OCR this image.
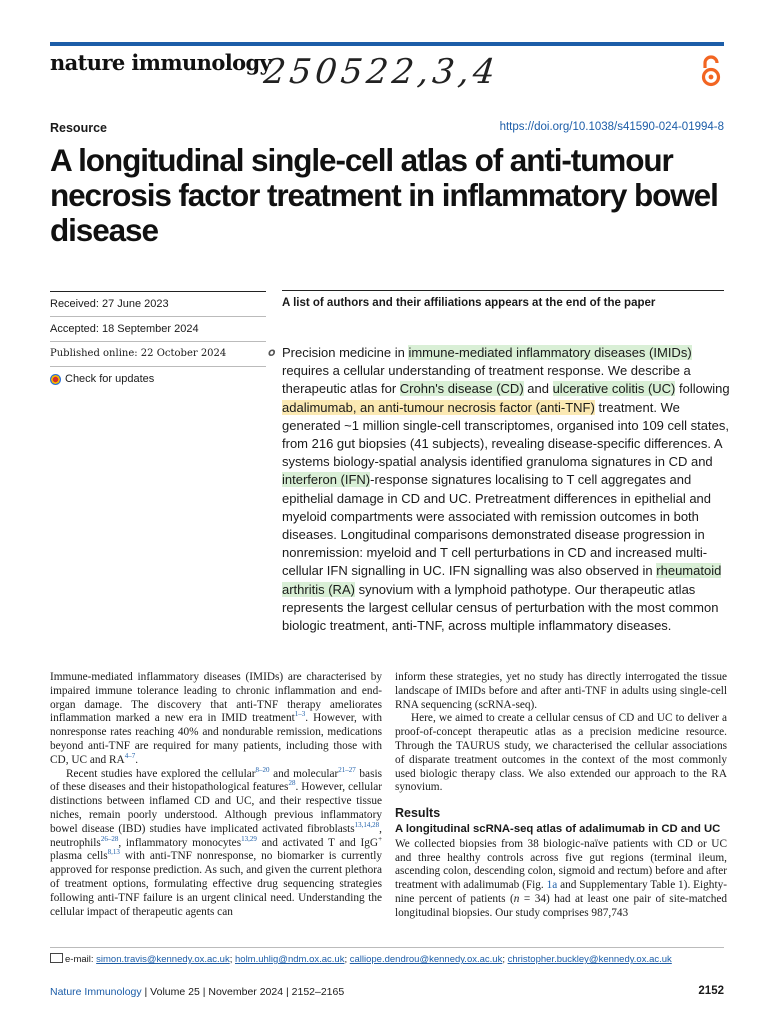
nature immunology
250522,3,4
Resource	https://doi.org/10.1038/s41590-024-01994-8
A longitudinal single-cell atlas of anti-tumour necrosis factor treatment in inflammatory bowel disease
Received: 27 June 2023
Accepted: 18 September 2024
Published online: 22 October 2024
Check for updates
A list of authors and their affiliations appears at the end of the paper
𝒐 Precision medicine in immune-mediated inflammatory diseases (IMIDs) requires a cellular understanding of treatment response. We describe a therapeutic atlas for Crohn's disease (CD) and ulcerative colitis (UC) following adalimumab, an anti-tumour necrosis factor (anti-TNF) treatment. We generated ~1 million single-cell transcriptomes, organised into 109 cell states, from 216 gut biopsies (41 subjects), revealing disease-specific differences. A systems biology-spatial analysis identified granuloma signatures in CD and interferon (IFN)-response signatures localising to T cell aggregates and epithelial damage in CD and UC. Pretreatment differences in epithelial and myeloid compartments were associated with remission outcomes in both diseases. Longitudinal comparisons demonstrated disease progression in nonremission: myeloid and T cell perturbations in CD and increased multi-cellular IFN signalling in UC. IFN signalling was also observed in rheumatoid arthritis (RA) synovium with a lymphoid pathotype. Our therapeutic atlas represents the largest cellular census of perturbation with the most common biologic treatment, anti-TNF, across multiple inflammatory diseases.

Immune-mediated inflammatory diseases (IMIDs) are characterised by impaired immune tolerance leading to chronic inflammation and end-organ damage. The discovery that anti-TNF therapy ameliorates inflammation marked a new era in IMID treatment$^{1-3}$. However, with nonresponse rates reaching 40% and nondurable remission, medications beyond anti-TNF are required for many patients, including those with CD, UC and RA$^{4-7}$.

Recent studies have explored the cellular$^{8-20}$ and molecular$^{21-27}$ basis of these diseases and their histopathological features$^{28}$. However, cellular distinctions between inflamed CD and UC, and their respective tissue niches, remain poorly understood. Although previous inflammatory bowel disease (IBD) studies have implicated activated fibroblasts$^{13,14,28}$, neutrophils$^{26-28}$, inflammatory monocytes$^{13,29}$ and activated T and IgG+ plasma cells$^{8,13}$ with anti-TNF nonresponse, no biomarker is currently approved for response prediction. As such, and given the current plethora of treatment options, formulating effective drug sequencing strategies following anti-TNF failure is an urgent clinical need. Understanding the cellular impact of therapeutic agents can

inform these strategies, yet no study has directly interrogated the tissue landscape of IMIDs before and after anti-TNF in adults using single-cell RNA sequencing (scRNA-seq).

Here, we aimed to create a cellular census of CD and UC to deliver a proof-of-concept therapeutic atlas as a precision medicine resource. Through the TAURUS study, we characterised the cellular associations of disparate treatment outcomes in the context of the most commonly used biologic therapy class. We also extended our approach to the RA synovium.

Results
A longitudinal scRNA-seq atlas of adalimumab in CD and UC

We collected biopsies from 38 biologic-naïve patients with CD or UC and three healthy controls across five gut regions (terminal ileum, ascending colon, descending colon, sigmoid and rectum) before and after treatment with adalimumab (Fig. 1a and Supplementary Table 1). Eighty-nine percent of patients (n = 34) had at least one pair of site-matched longitudinal biopsies. Our study comprises 987,743

e-mail: simon.travis@kennedy.ox.ac.uk; holm.uhlig@ndm.ox.ac.uk; calliope.dendrou@kennedy.ox.ac.uk; christopher.buckley@kennedy.ox.ac.uk
Nature Immunology | Volume 25 | November 2024 | 2152–2165	2152
